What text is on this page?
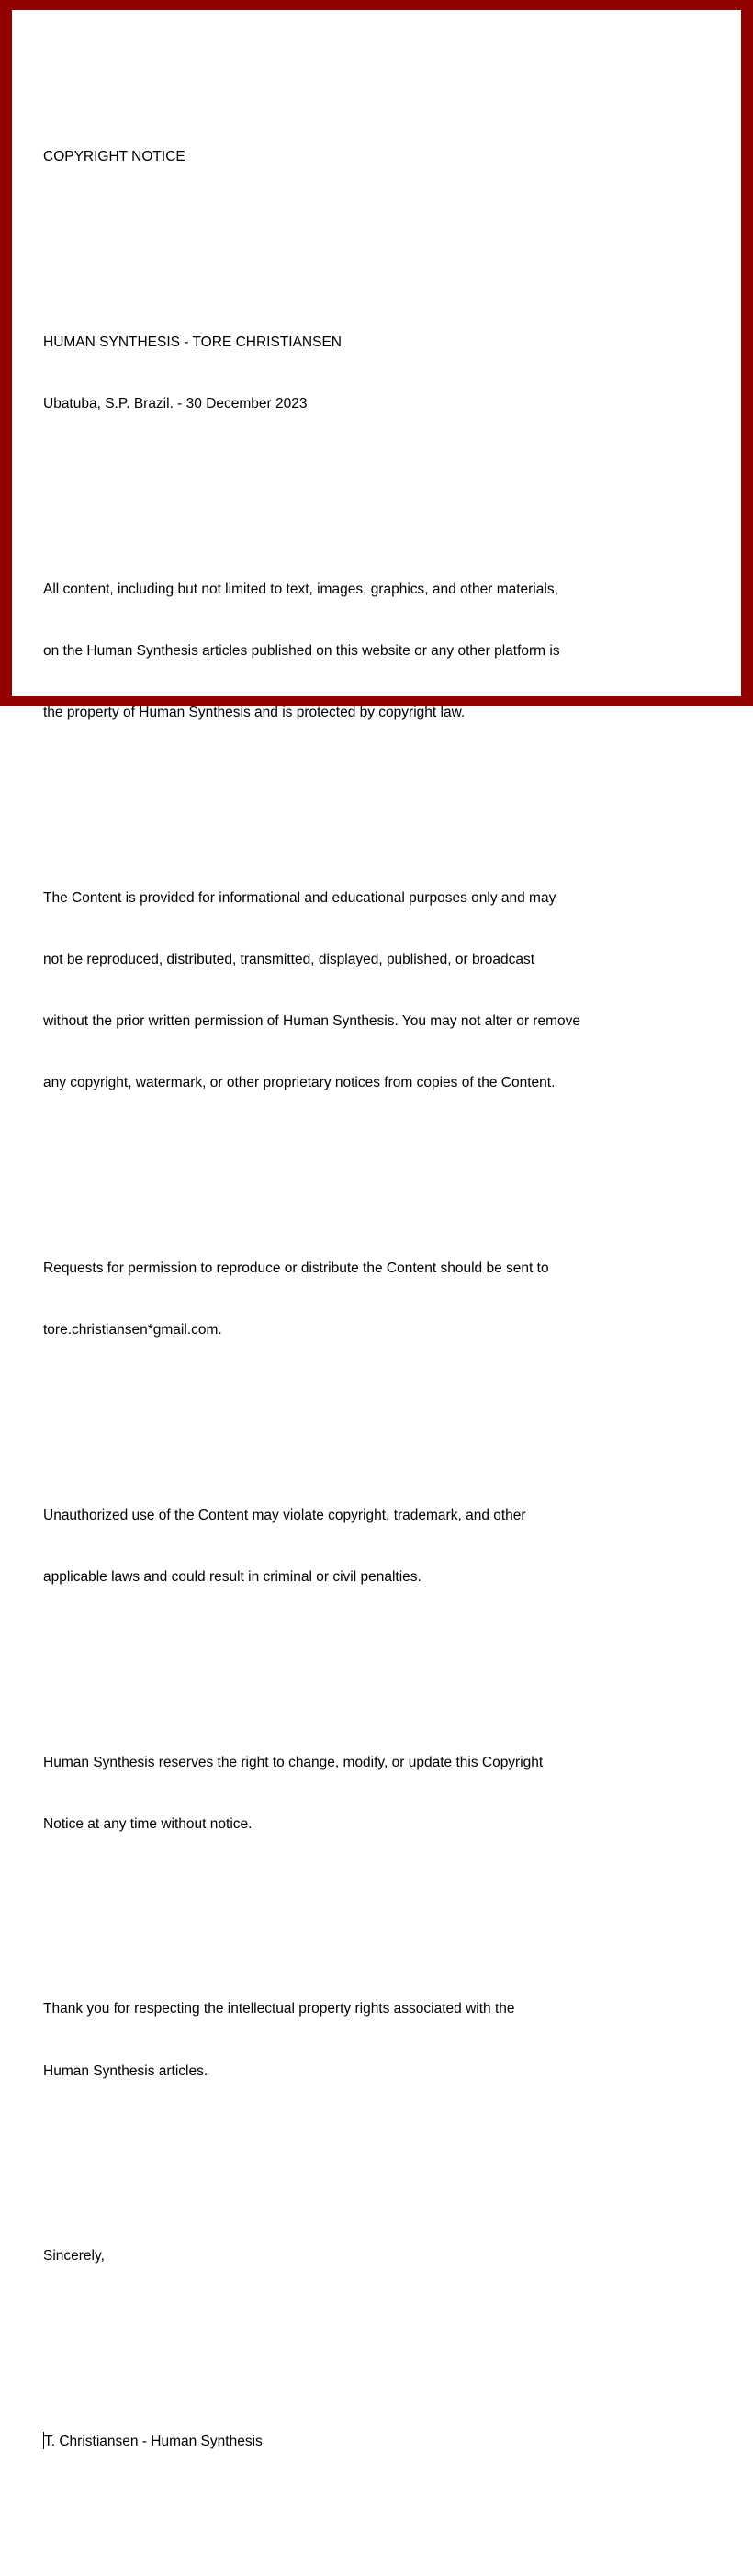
COPYRIGHT NOTICE

HUMAN SYNTHESIS - TORE CHRISTIANSEN

Ubatuba, S.P. Brazil. - 30 December 2023

All content, including but not limited to text, images, graphics, and other materials,

on the Human Synthesis articles published on this website or any other platform is

the property of Human Synthesis and is protected by copyright law.

The Content is provided for informational and educational purposes only and may

not be reproduced, distributed, transmitted, displayed, published, or broadcast

without the prior written permission of Human Synthesis. You may not alter or remove

any copyright, watermark, or other proprietary notices from copies of the Content.

Requests for permission to reproduce or distribute the Content should be sent to

tore.christiansen*gmail.com.

Unauthorized use of the Content may violate copyright, trademark, and other

applicable laws and could result in criminal or civil penalties.

Human Synthesis reserves the right to change, modify, or update this Copyright

Notice at any time without notice.

Thank you for respecting the intellectual property rights associated with the

Human Synthesis articles.

Sincerely,

T. Christiansen - Human Synthesis
